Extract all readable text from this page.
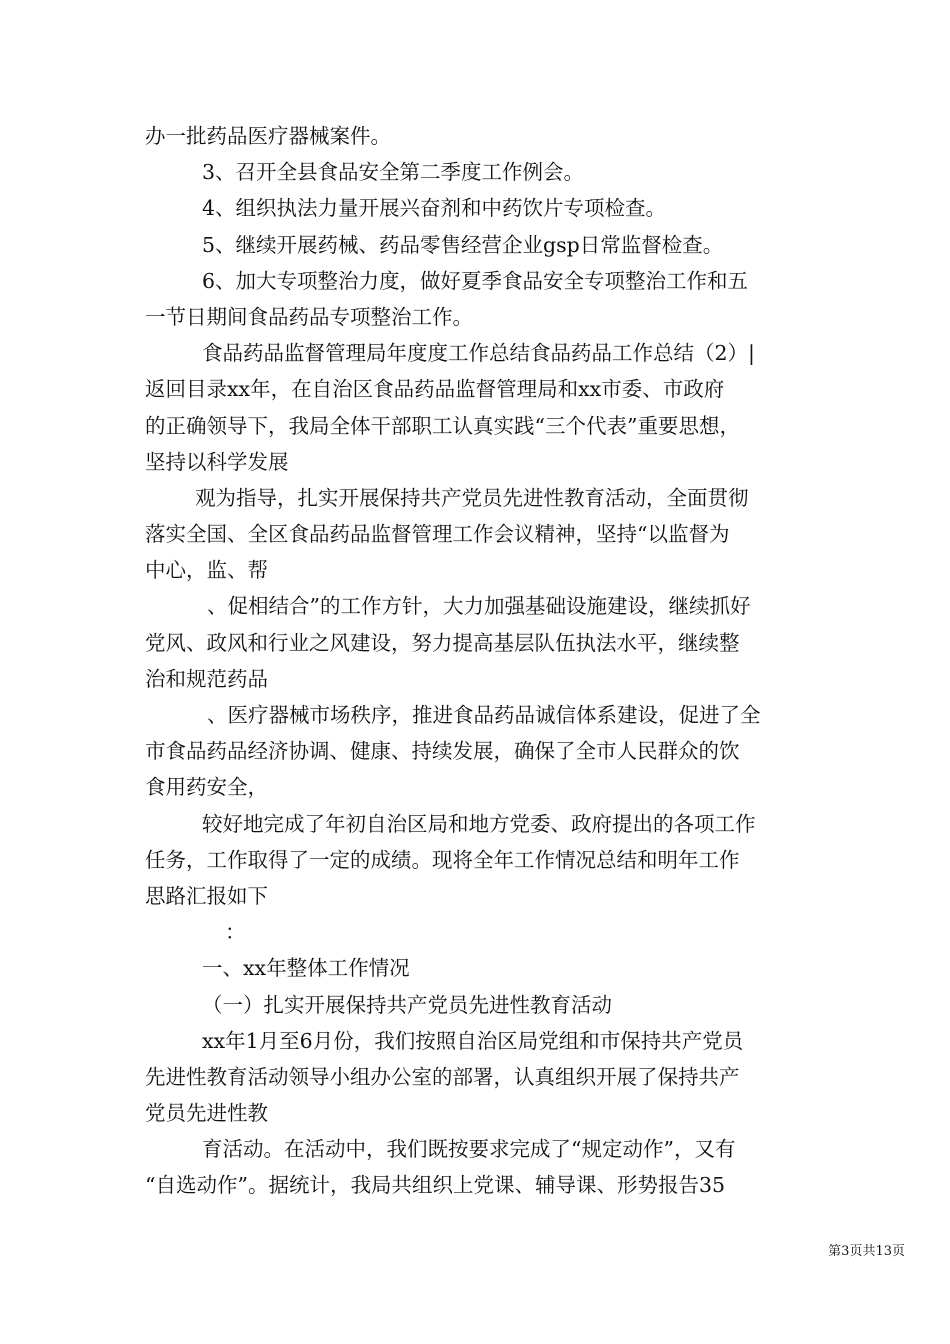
办一批药品医疗器械案件。
3、召开全县食品安全第二季度工作例会。
4、组织执法力量开展兴奋剂和中药饮片专项检查。
5、继续开展药械、药品零售经营企业gsp日常监督检查。
6、加大专项整治力度，做好夏季食品安全专项整治工作和五
一节日期间食品药品专项整治工作。
食品药品监督管理局年度度工作总结食品药品工作总结（2）|
返回目录xx年，在自治区食品药品监督管理局和xx市委、市政府
的正确领导下，我局全体干部职工认真实践“三个代表”重要思想，
坚持以科学发展
观为指导，扎实开展保持共产党员先进性教育活动，全面贯彻
落实全国、全区食品药品监督管理工作会议精神，坚持“以监督为
中心，监、帮
、促相结合”的工作方针，大力加强基础设施建设，继续抓好
党风、政风和行业之风建设，努力提高基层队伍执法水平，继续整
治和规范药品
、医疗器械市场秩序，推进食品药品诚信体系建设，促进了全
市食品药品经济协调、健康、持续发展，确保了全市人民群众的饮
食用药安全，
较好地完成了年初自治区局和地方党委、政府提出的各项工作
任务，工作取得了一定的成绩。现将全年工作情况总结和明年工作
思路汇报如下
：
一、xx年整体工作情况
（一）扎实开展保持共产党员先进性教育活动
xx年1月至6月份，我们按照自治区局党组和市保持共产党员
先进性教育活动领导小组办公室的部署，认真组织开展了保持共产
党员先进性教
育活动。在活动中，我们既按要求完成了“规定动作”，又有
“自选动作”。据统计，我局共组织上党课、辅导课、形势报告35
第3页共13页
